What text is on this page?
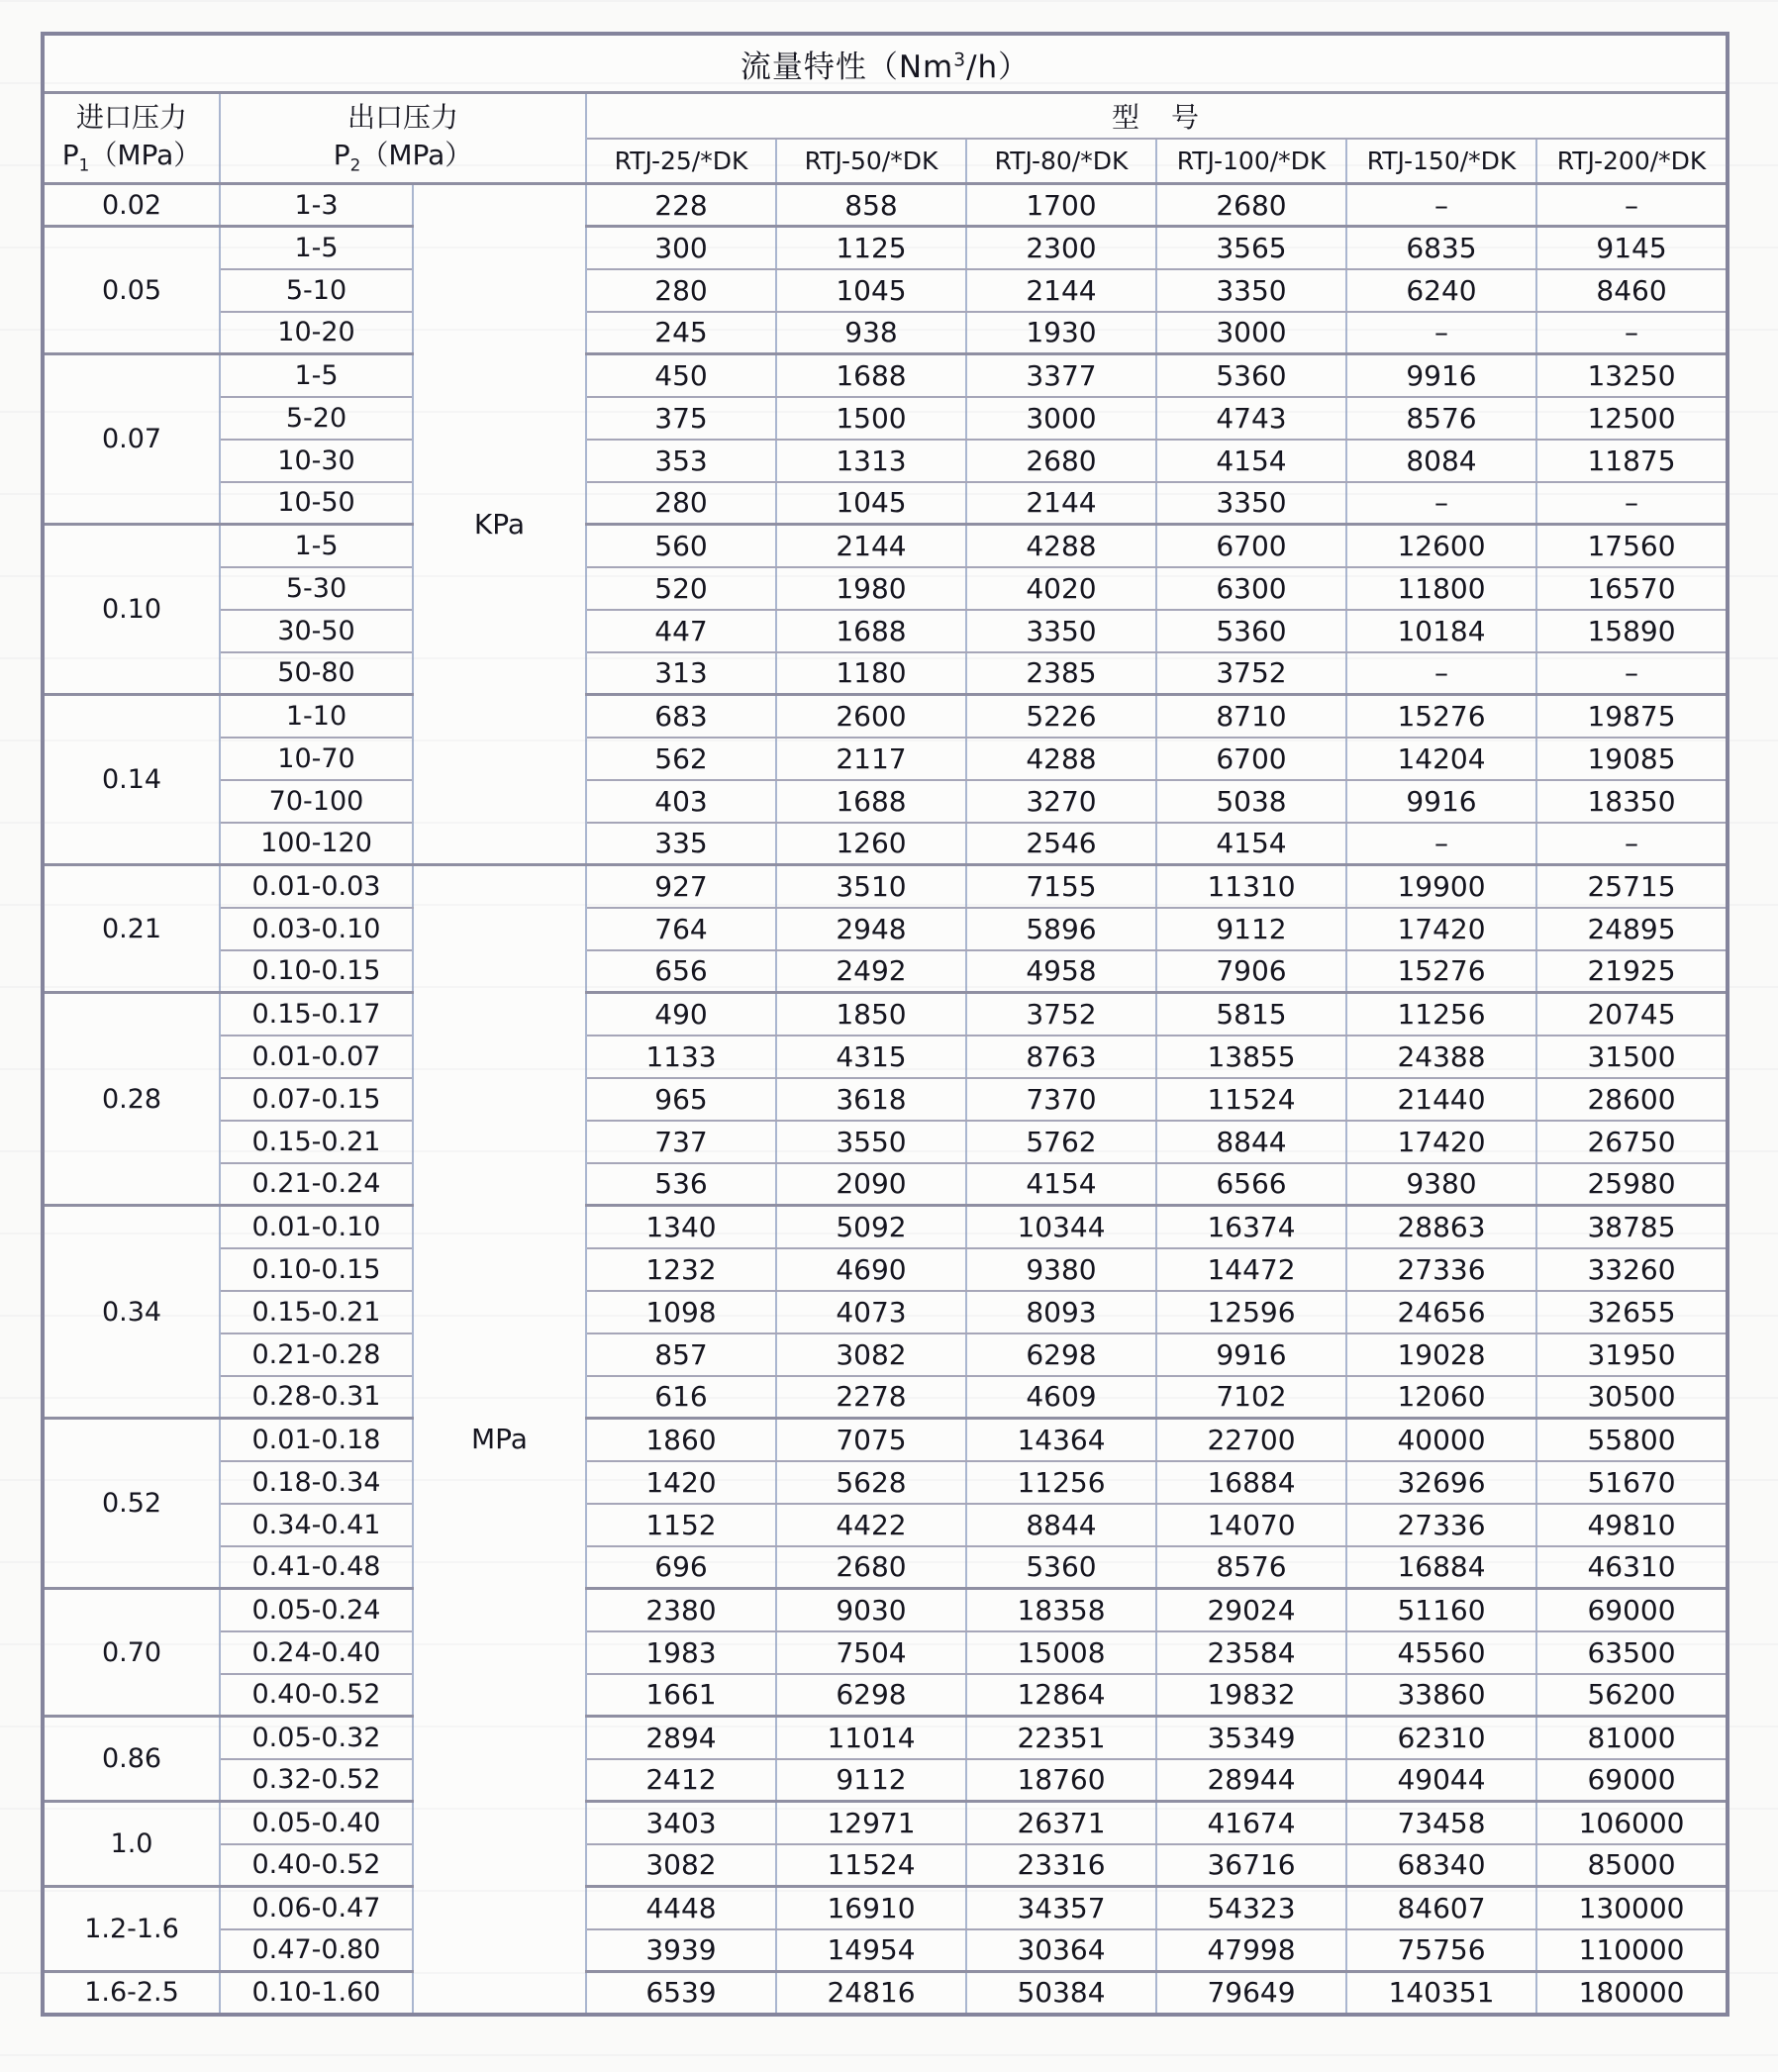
流量特性（Nm$^3$/h）								

进口压力
$P_1(MPa)$

出口压力
$P_2(MPa)$
	型　号
			RTJ-25/*DK	RTJ-50/*DK	RTJ-80/*DK	RTJ-100/*DK	RTJ-150/*DK	RTJ-200/*DK
0.02	1-3	KPa	228	858	1700	2680	–	–
0.05	1-5		300	1125	2300	3565	6835	9145
	5-10		280	1045	2144	3350	6240	8460
	10-20		245	938	1930	3000	–	–
0.07	1-5		450	1688	3377	5360	9916	13250
	5-20		375	1500	3000	4743	8576	12500
	10-30		353	1313	2680	4154	8084	11875
	10-50		280	1045	2144	3350	–	–
0.10	1-5		560	2144	4288	6700	12600	17560
	5-30		520	1980	4020	6300	11800	16570
	30-50		447	1688	3350	5360	10184	15890
	50-80		313	1180	2385	3752	–	–
0.14	1-10		683	2600	5226	8710	15276	19875
	10-70		562	2117	4288	6700	14204	19085
	70-100		403	1688	3270	5038	9916	18350
	100-120		335	1260	2546	4154	–	–
0.21	0.01-0.03	MPa	927	3510	7155	11310	19900	25715
	0.03-0.10		764	2948	5896	9112	17420	24895
	0.10-0.15		656	2492	4958	7906	15276	21925
0.28	0.15-0.17		490	1850	3752	5815	11256	20745
	0.01-0.07		1133	4315	8763	13855	24388	31500
	0.07-0.15		965	3618	7370	11524	21440	28600
	0.15-0.21		737	3550	5762	8844	17420	26750
	0.21-0.24		536	2090	4154	6566	9380	25980
0.34	0.01-0.10		1340	5092	10344	16374	28863	38785
	0.10-0.15		1232	4690	9380	14472	27336	33260
	0.15-0.21		1098	4073	8093	12596	24656	32655
	0.21-0.28		857	3082	6298	9916	19028	31950
	0.28-0.31		616	2278	4609	7102	12060	30500
0.52	0.01-0.18		1860	7075	14364	22700	40000	55800
	0.18-0.34		1420	5628	11256	16884	32696	51670
	0.34-0.41		1152	4422	8844	14070	27336	49810
	0.41-0.48		696	2680	5360	8576	16884	46310
0.70	0.05-0.24		2380	9030	18358	29024	51160	69000
	0.24-0.40		1983	7504	15008	23584	45560	63500
	0.40-0.52		1661	6298	12864	19832	33860	56200
0.86	0.05-0.32		2894	11014	22351	35349	62310	81000
	0.32-0.52		2412	9112	18760	28944	49044	69000
1.0	0.05-0.40		3403	12971	26371	41674	73458	106000
	0.40-0.52		3082	11524	23316	36716	68340	85000
1.2-1.6	0.06-0.47		4448	16910	34357	54323	84607	130000
	0.47-0.80		3939	14954	30364	47998	75756	110000
1.6-2.5	0.10-1.60		6539	24816	50384	79649	140351	180000
